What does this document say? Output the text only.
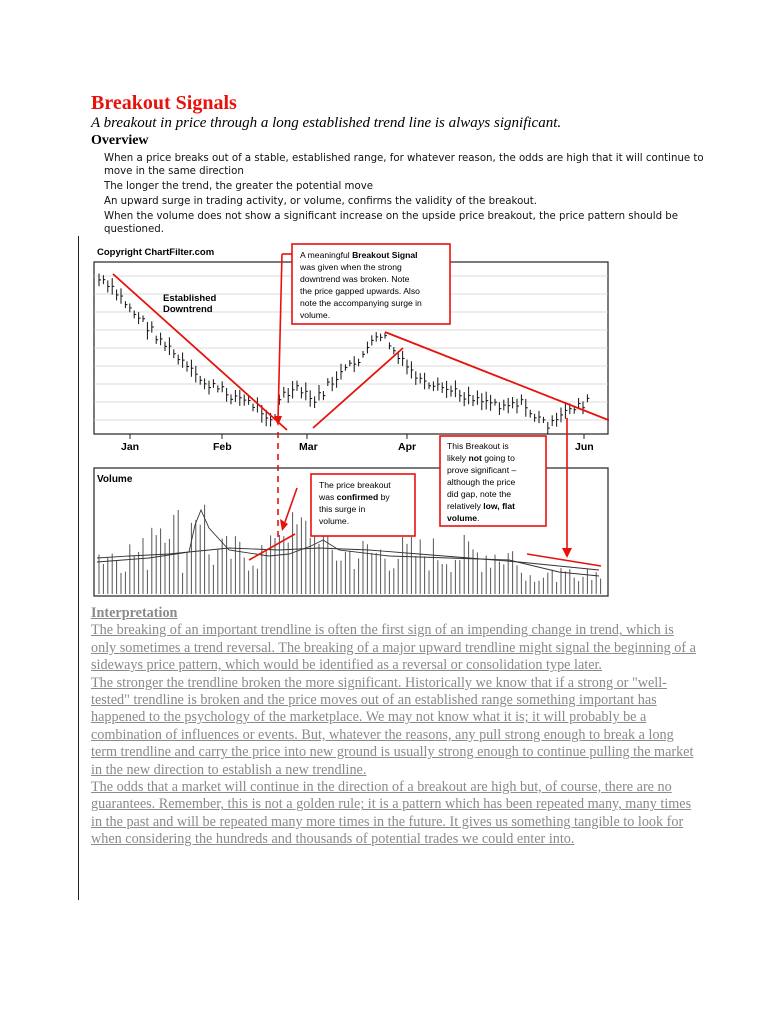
Breakout Signals
A breakout in price through a long established trend line is always significant.
Overview

When a price breaks out of a stable, established range, for whatever reason, the odds are high that it will continue to move in the same direction

The longer the trend, the greater the potential move

An upward surge in trading activity, or volume, confirms the validity of the breakout.

When the volume does not show a significant increase on the upside price breakout, the price pattern should be questioned.

Copyright ChartFilter.com
Established
Downtrend
Jan	Feb	Mar	Apr	Jun
Volume
A meaningful Breakout Signal
was given when the strong
downtrend was broken. Note
the price gapped upwards. Also
note the accompanying surge in
volume.
This Breakout is
likely not going to
prove significant –
although the price
did gap, note the
relatively low, flat
volume.
The price breakout
was confirmed by
this surge in
volume.
Interpretation

The breaking of an important trendline is often the first sign of an impending change in trend, which is only sometimes a trend reversal. The breaking of a major upward trendline might signal the beginning of a sideways price pattern, which would be identified as a reversal or consolidation type later.

The stronger the trendline broken the more significant. Historically we know that if a strong or "well-tested" trendline is broken and the price moves out of an established range something important has happened to the psychology of the marketplace. We may not know what it is; it will probably be a combination of influences or events. But, whatever the reasons, any pull strong enough to break a long term trendline and carry the price into new ground is usually strong enough to continue pulling the market in the new direction to establish a new trendline.

The odds that a market will continue in the direction of a breakout are high but, of course, there are no guarantees. Remember, this is not a golden rule; it is a pattern which has been repeated many, many times in the past and will be repeated many more times in the future. It gives us something tangible to look for when considering the hundreds and thousands of potential trades we could enter into.
